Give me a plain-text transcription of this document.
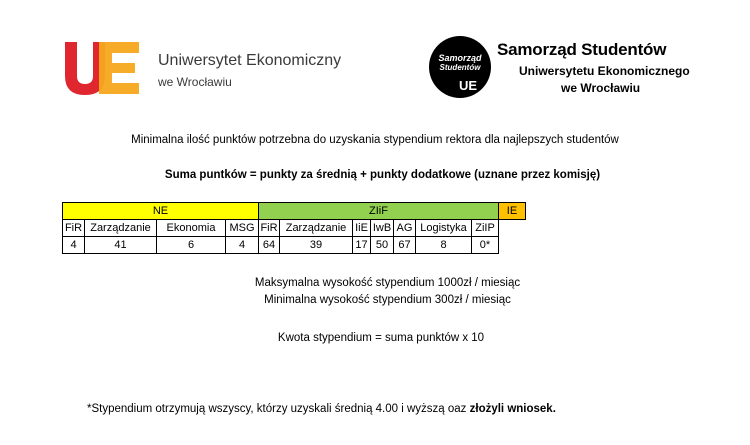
Uniwersytet Ekonomiczny
we Wrocławiu
Samorząd
Studentów
UE
Samorząd Studentów
Uniwersytetu Ekonomicznego
we Wrocławiu
Minimalna ilość punktów potrzebna do uzyskania stypendium rektora dla najlepszych studentów
Suma puntków = punkty za średnią + punkty dodatkowe (uznane przez komisję)
NE				ZIiF							IE
FiR	Zarządzanie	Ekonomia	MSG	FiR	Zarządzanie	IiE	IwB	AG	Logistyka	ZiIP	
4	41	6	4	64	39	17	50	67	8	0*	
Maksymalna wysokość stypendium 1000zł / miesiąc
Minimalna wysokość stypendium 300zł / miesiąc
Kwota stypendium = suma punktów x 10
*Stypendium otrzymują wszyscy, którzy uzyskali średnią 4.00 i wyższą oaz złożyli wniosek.
